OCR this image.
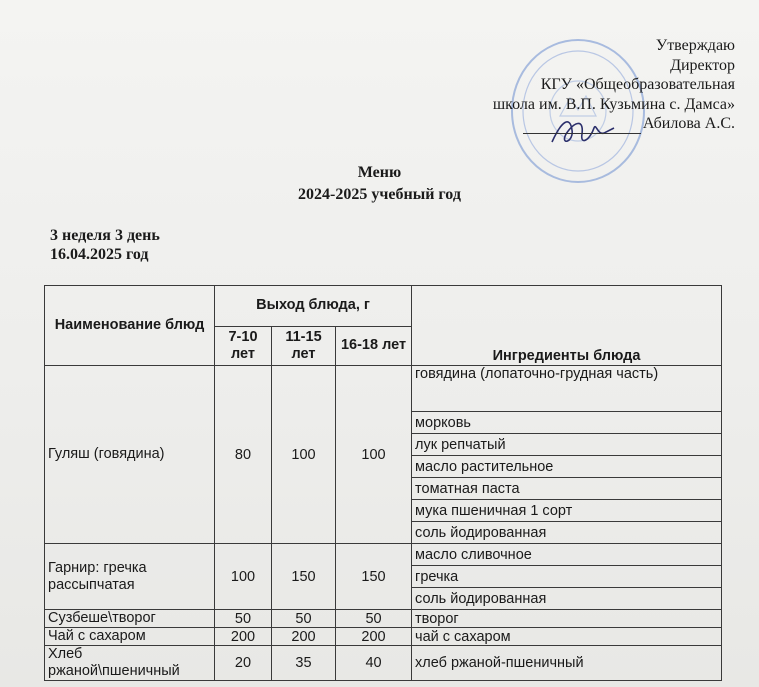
Утверждаю
Директор
КГУ «Общеобразовательная
школа им. В.П. Кузьмина с. Дамса»
Абилова А.С.
Меню
2024-2025 учебный год
3 неделя 3 день
16.04.2025 год
Наименование блюд	Выход блюда, г			Ингредиенты блюда
	7-10 лет	11-15 лет	16-18 лет	
Гуляш (говядина)	80	100	100	говядина (лопаточно-грудная часть)
				морковь
				лук репчатый
				масло растительное
				томатная паста
				мука пшеничная 1 сорт
				соль йодированная
Гарнир: гречка рассыпчатая	100	150	150	масло сливочное
				гречка
				соль йодированная
Сузбеше\творог	50	50	50	творог
Чай с сахаром	200	200	200	чай с сахаром
Хлеб ржаной\пшеничный	20	35	40	хлеб ржаной-пшеничный
